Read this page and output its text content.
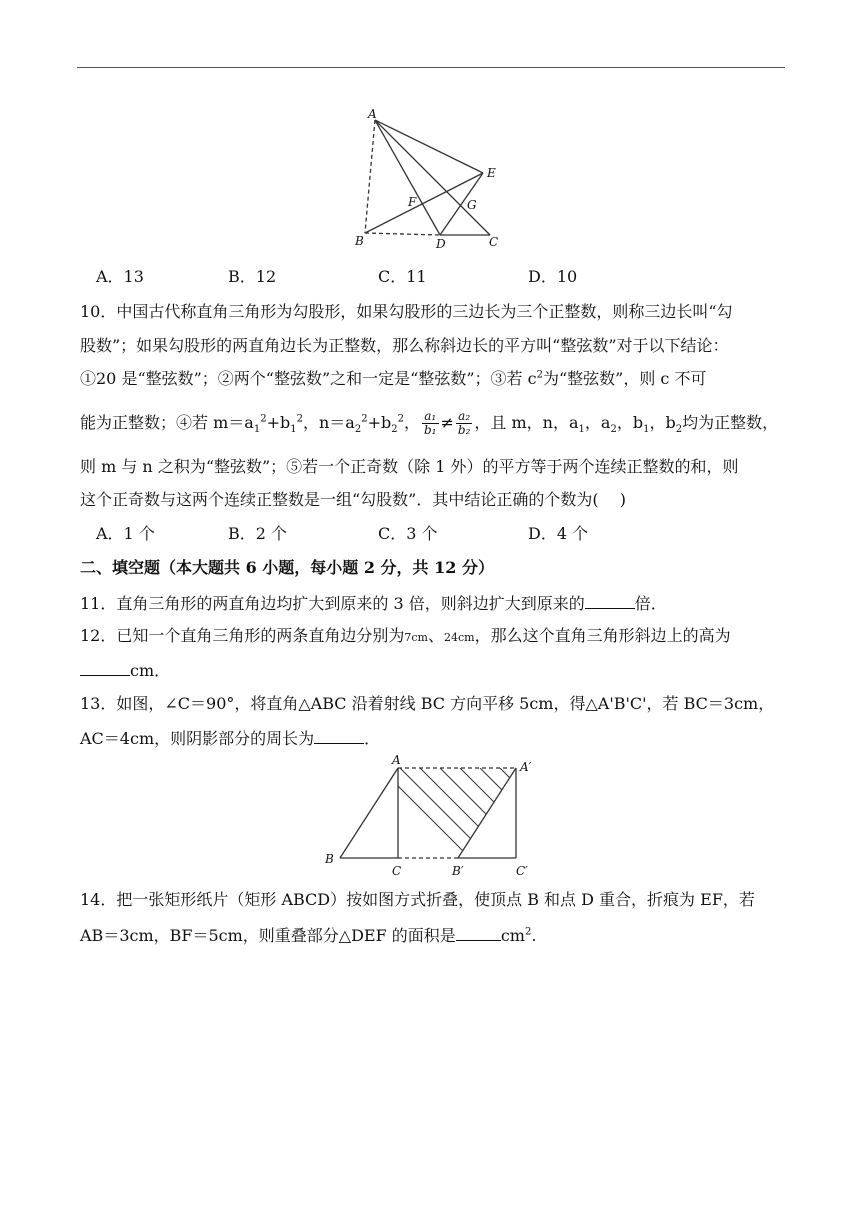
A
B	D	C
E
F	G
A．13	B．12	C．11	D．10
10．中国古代称直角三角形为勾股形，如果勾股形的三边长为三个正整数，则称三边长叫“勾
股数”；如果勾股形的两直角边长为正整数，那么称斜边长的平方叫“整弦数”对于以下结论：
①20 是“整弦数”；②两个“整弦数”之和一定是“整弦数”；③若 $c^2$为“整弦数”，则 c 不可
能为正整数；④若 $m=a_1^2+b_1^2$，$n=a_2^2+b_2^2$， $\frac{\text{a₁}}{\text{b₁}} \ne \frac{\text{a₂}}{\text{b₂}}$ ，且 m，n，$a_1$，$a_2$，$b_1$，$b_2$均为正整数，
则 m 与 n 之积为“整弦数”；⑤若一个正奇数（除 1 外）的平方等于两个连续正整数的和，则
这个正奇数与这两个连续正整数是一组“勾股数”．其中结论正确的个数为(　 )
A．1 个	B．2 个	C．3 个	D．4 个
二、填空题（本大题共 6 小题，每小题 2 分，共 12 分）
11．直角三角形的两直角边均扩大到原来的 3 倍，则斜边扩大到原来的	倍．
12．已知一个直角三角形的两条直角边分别为7cm、24cm，那么这个直角三角形斜边上的高为
cm．
13．如图，∠C＝90°，将直角△ABC 沿着射线 BC 方向平移 5cm，得△A'B'C'，若 BC＝3cm，
AC＝4cm，则阴影部分的周长为	．
A	A′
B
C	B′	C′
14．把一张矩形纸片（矩形 ABCD）按如图方式折叠，使顶点 B 和点 D 重合，折痕为 EF，若
AB＝3cm，BF＝5cm，则重叠部分△DEF 的面积是	$cm^2$.
